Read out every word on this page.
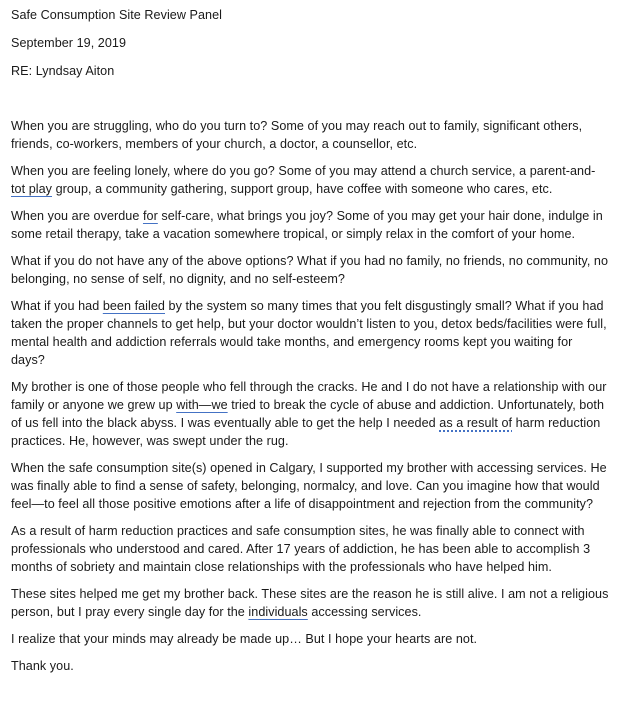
Safe Consumption Site Review Panel

September 19, 2019

RE: Lyndsay Aiton

When you are struggling, who do you turn to? Some of you may reach out to family, significant others, friends, co-workers, members of your church, a doctor, a counsellor, etc.

When you are feeling lonely, where do you go? Some of you may attend a church service, a parent-and-tot play group, a community gathering, support group, have coffee with someone who cares, etc.

When you are overdue for self-care, what brings you joy? Some of you may get your hair done, indulge in some retail therapy, take a vacation somewhere tropical, or simply relax in the comfort of your home.

What if you do not have any of the above options? What if you had no family, no friends, no community, no belonging, no sense of self, no dignity, and no self-esteem?

What if you had been failed by the system so many times that you felt disgustingly small? What if you had taken the proper channels to get help, but your doctor wouldn’t listen to you, detox beds/facilities were full, mental health and addiction referrals would take months, and emergency rooms kept you waiting for days?

My brother is one of those people who fell through the cracks. He and I do not have a relationship with our family or anyone we grew up with—we tried to break the cycle of abuse and addiction. Unfortunately, both of us fell into the black abyss. I was eventually able to get the help I needed as a result of harm reduction practices. He, however, was swept under the rug.

When the safe consumption site(s) opened in Calgary, I supported my brother with accessing services. He was finally able to find a sense of safety, belonging, normalcy, and love. Can you imagine how that would feel—to feel all those positive emotions after a life of disappointment and rejection from the community?

As a result of harm reduction practices and safe consumption sites, he was finally able to connect with professionals who understood and cared. After 17 years of addiction, he has been able to accomplish 3 months of sobriety and maintain close relationships with the professionals who have helped him.

These sites helped me get my brother back. These sites are the reason he is still alive. I am not a religious person, but I pray every single day for the individuals accessing services.

I realize that your minds may already be made up… But I hope your hearts are not.

Thank you.
